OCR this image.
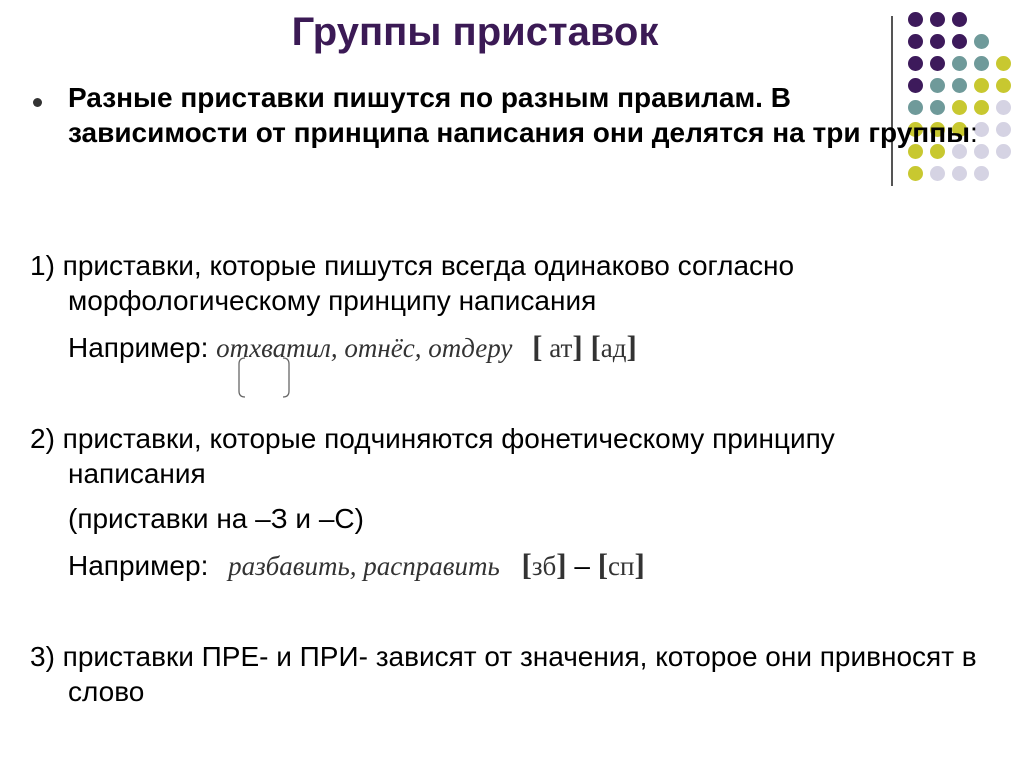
Группы приставок
Разные приставки пишутся по разным правилам. В зависимости от принципа написания они делятся на три группы:
1) приставки, которые пишутся всегда одинаково согласно морфологическому принципу написания
Например: отхватил, отнёс, отдеру [ ат] [ад]
2) приставки, которые подчиняются фонетическому принципу написания
(приставки на –З и –С)
Например: разбавить, расправить [зб] – [сп]
3) приставки ПРЕ- и ПРИ- зависят от значения, которое они привносят в слово
